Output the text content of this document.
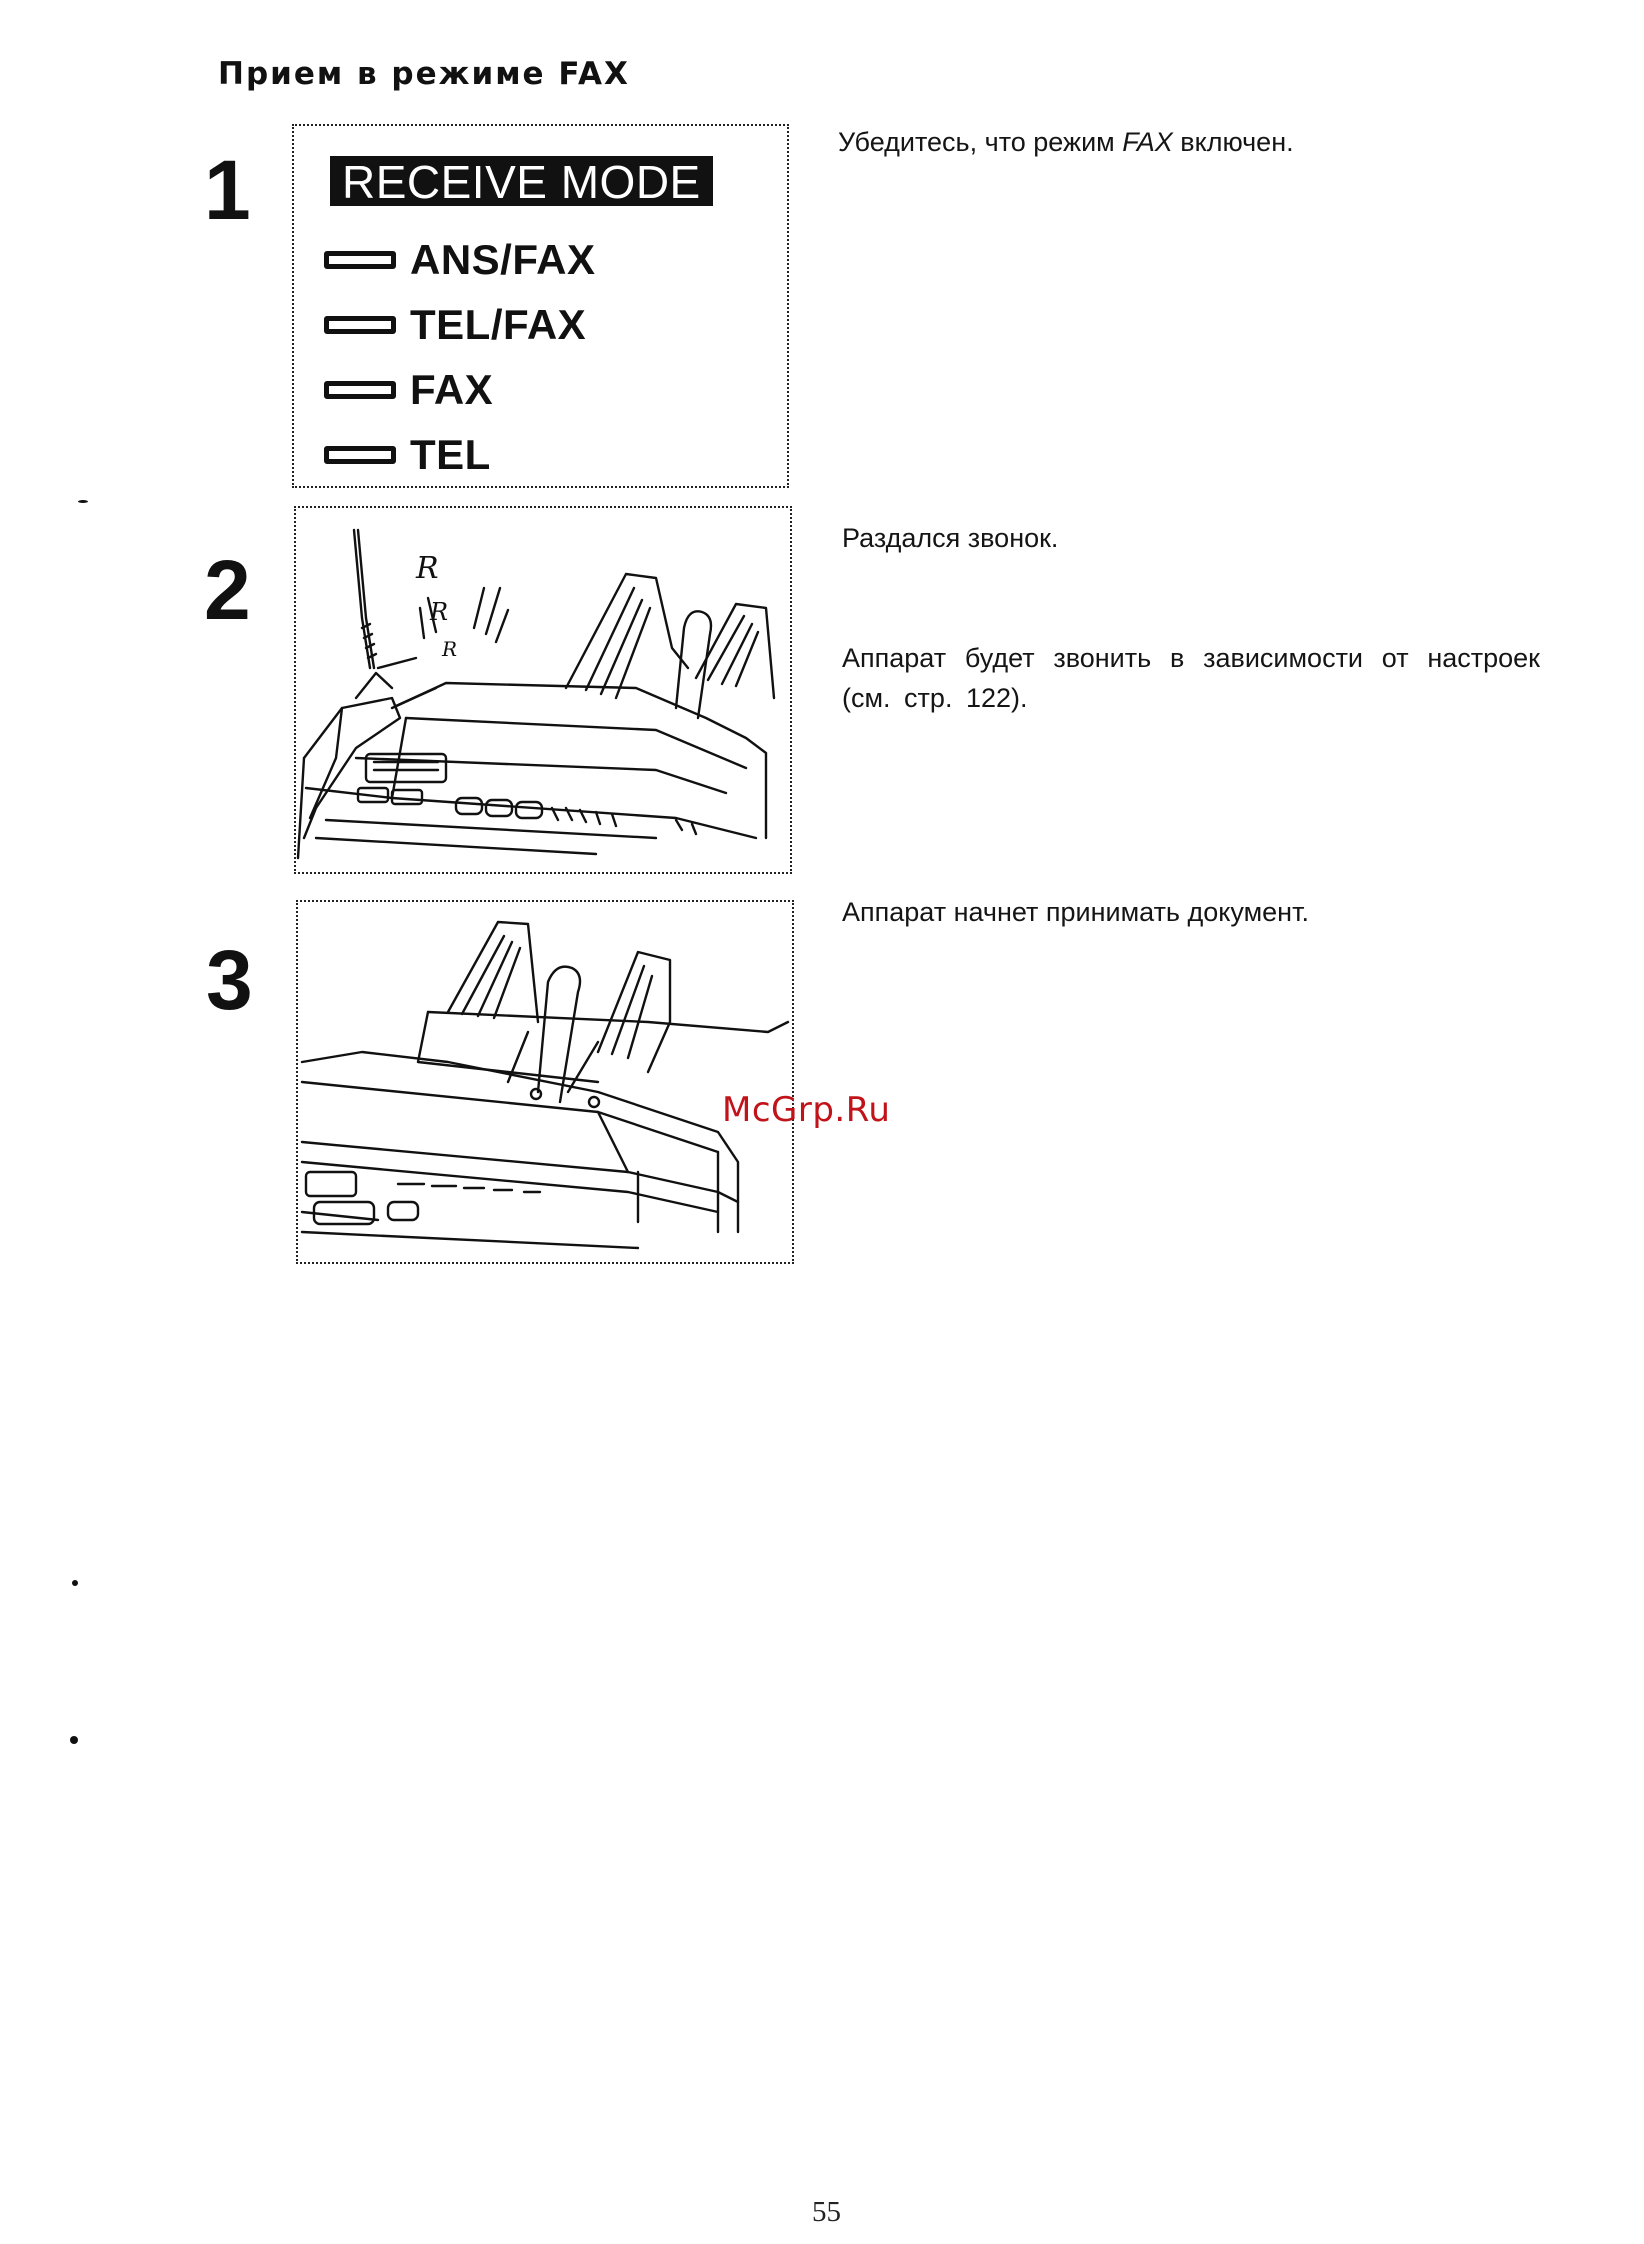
Прием в режиме FAX
1 RECEIVE MODE
ANS/FAX
TEL/FAX
FAX
TEL

Убедитесь, что режим FAX включен.

2	R
R
R

Раздался звонок.

Аппарат будет звонить в зависимости от настроек (см. стр. 122).

3

Аппарат начнет принимать документ.

McGrp.Ru
55
